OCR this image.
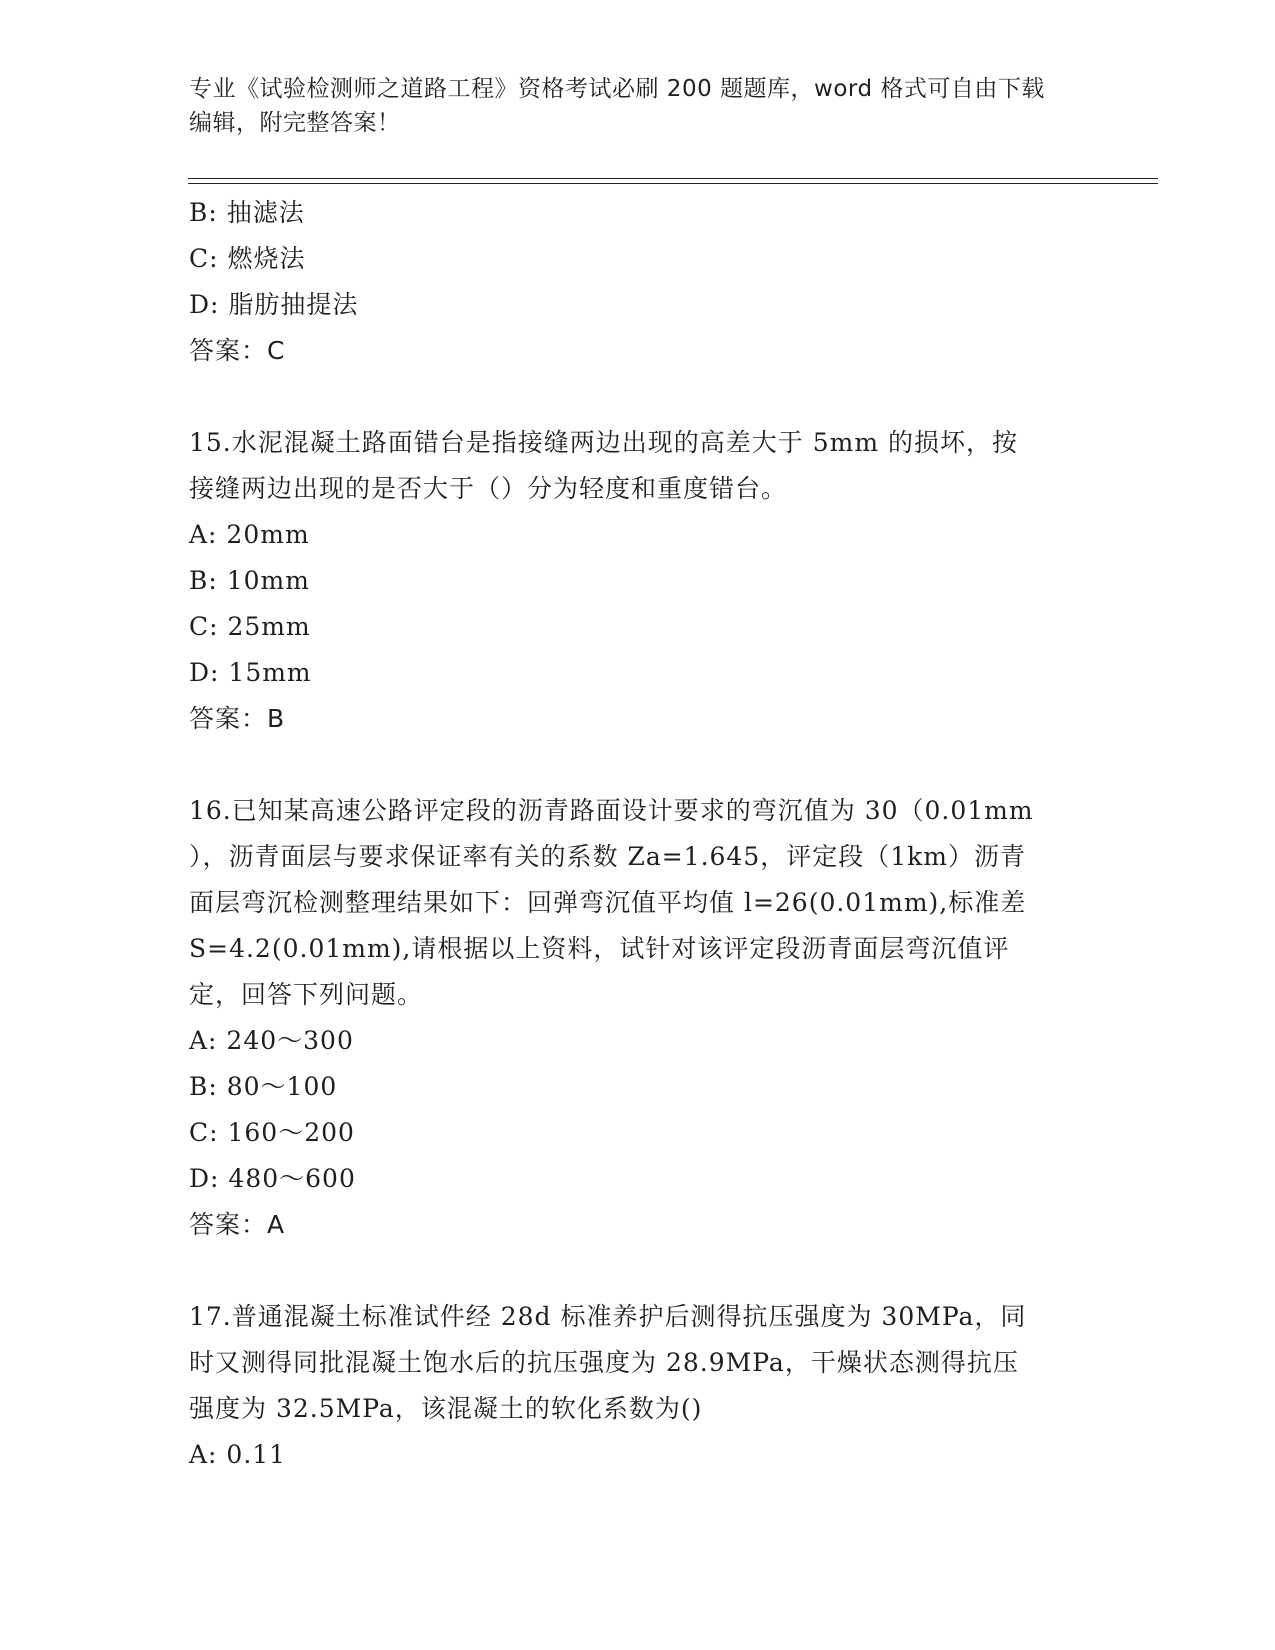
专业《试验检测师之道路工程》资格考试必刷 200 题题库，word 格式可自由下载
编辑，附完整答案！
B: 抽滤法
C: 燃烧法
D: 脂肪抽提法
答案：C
15.水泥混凝土路面错台是指接缝两边出现的高差大于 5mm 的损坏，按
接缝两边出现的是否大于（）分为轻度和重度错台。
A: 20mm
B: 10mm
C: 25mm
D: 15mm
答案：B
16.已知某高速公路评定段的沥青路面设计要求的弯沉值为 30（0.01mm
），沥青面层与要求保证率有关的系数 Za=1.645，评定段（1km）沥青
面层弯沉检测整理结果如下：回弹弯沉值平均值 l=26(0.01mm),标准差
S=4.2(0.01mm),请根据以上资料，试针对该评定段沥青面层弯沉值评
定，回答下列问题。
A: 240～300
B: 80～100
C: 160～200
D: 480～600
答案：A
17.普通混凝土标准试件经 28d 标准养护后测得抗压强度为 30MPa，同
时又测得同批混凝土饱水后的抗压强度为 28.9MPa，干燥状态测得抗压
强度为 32.5MPa，该混凝土的软化系数为()
A: 0.11
